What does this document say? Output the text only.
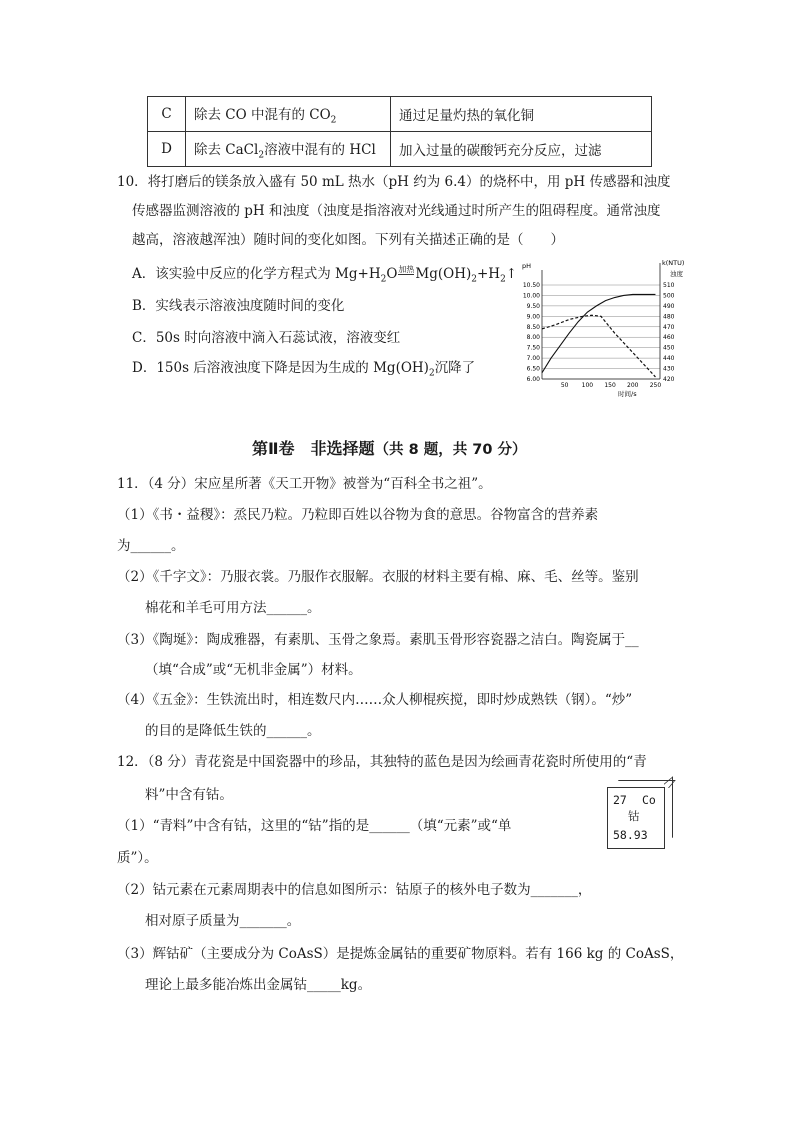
C	除去 CO 中混有的 $CO_2$	通过足量灼热的氧化铜
D	除去 CaCl$_2$溶液中混有的 HCl	加入过量的碳酸钙充分反应，过滤
10．将打磨后的镁条放入盛有 50 mL 热水（pH 约为 6.4）的烧杯中，用 pH 传感器和浊度
传感器监测溶液的 pH 和浊度（浊度是指溶液对光线通过时所产生的阻碍程度。通常浊度
越高，溶液越浑浊）随时间的变化如图。下列有关描述正确的是（　　）
A．该实验中反应的化学方程式为 $Mg+H_2O$加热$Mg(OH)_2+H_2↑$
B．实线表示溶液浊度随时间的变化
C．50s 时向溶液中滴入石蕊试液，溶液变红
D．150s 后溶液浊度下降是因为生成的 $Mg(OH)_2$沉降了
6.00	420
6.50	430
7.00	440
7.50	450
8.00	460
8.50	470
9.00	480
9.50	490
10.00	500
10.50	510
50 100 150 200 250
pH	k(NTU)
浊度
时间/s
第Ⅱ卷　非选择题（共 8 题，共 70 分）
11．（4 分）宋应星所著《天工开物》被誉为“百科全书之祖”。
（1）《书・益稷》：烝民乃粒。乃粒即百姓以谷物为食的意思。谷物富含的营养素
为______。
（2）《千字文》：乃服衣裳。乃服作衣服解。衣服的材料主要有棉、麻、毛、丝等。鉴别
棉花和羊毛可用方法______。
（3）《陶埏》：陶成雅器，有素肌、玉骨之象焉。素肌玉骨形容瓷器之洁白。陶瓷属于__
（填“合成”或“无机非金属”）材料。
（4）《五金》：生铁流出时，相连数尺内……众人柳棍疾搅，即时炒成熟铁（钢）。“炒”
的目的是降低生铁的______。
12．（8 分）青花瓷是中国瓷器中的珍品，其独特的蓝色是因为绘画青花瓷时所使用的“青
料”中含有钴。
（1）“青料”中含有钴，这里的“钴”指的是______（填“元素”或“单
质”）。
（2）钴元素在元素周期表中的信息如图所示：钴原子的核外电子数为_______，
相对原子质量为_______。
（3）辉钴矿（主要成分为 CoAsS）是提炼金属钴的重要矿物原料。若有 166 kg 的 CoAsS，
理论上最多能冶炼出金属钴_____kg。
27 Co
钴
58.93
